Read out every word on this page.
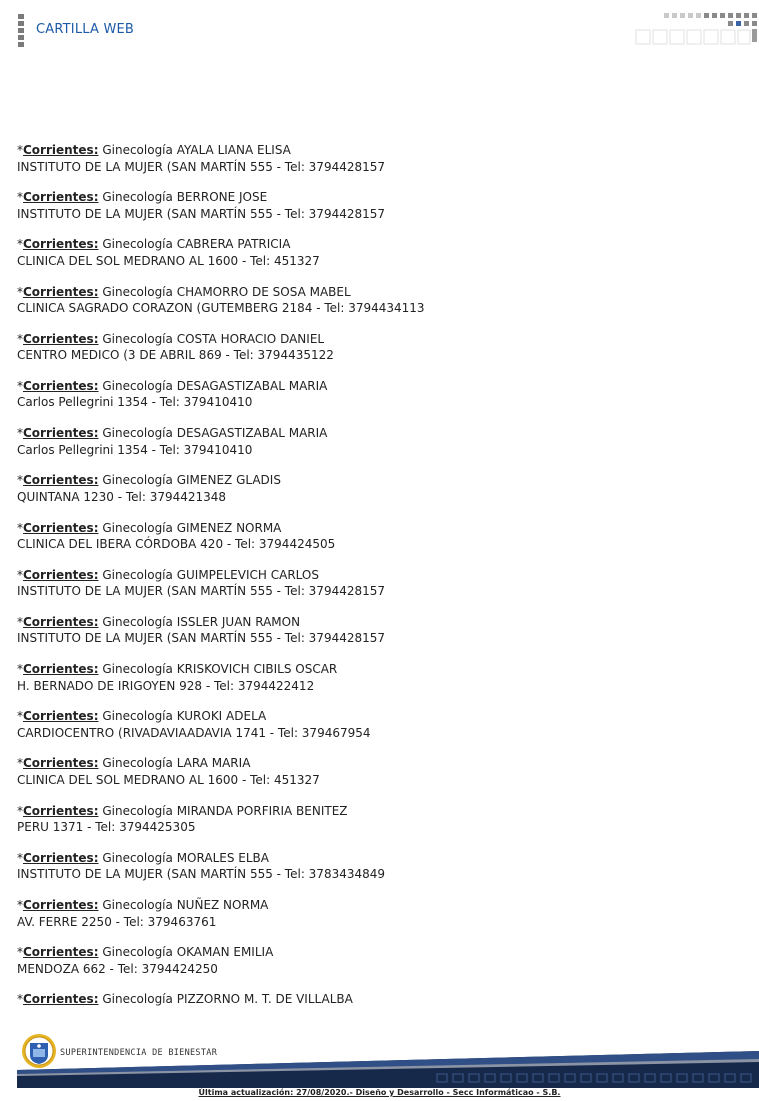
CARTILLA WEB
*Corrientes: Ginecología AYALA LIANA ELISA
INSTITUTO DE LA MUJER (SAN MARTÍN 555 - Tel: 3794428157
*Corrientes: Ginecología BERRONE JOSE
INSTITUTO DE LA MUJER (SAN MARTÍN 555 - Tel: 3794428157
*Corrientes: Ginecología CABRERA PATRICIA
CLINICA DEL SOL MEDRANO AL 1600 - Tel: 451327
*Corrientes: Ginecología CHAMORRO DE SOSA MABEL
CLINICA SAGRADO CORAZON (GUTEMBERG 2184 - Tel: 3794434113
*Corrientes: Ginecología COSTA HORACIO DANIEL
CENTRO MEDICO (3 DE ABRIL 869 - Tel: 3794435122
*Corrientes: Ginecología DESAGASTIZABAL MARIA
Carlos Pellegrini 1354 - Tel: 379410410
*Corrientes: Ginecología DESAGASTIZABAL MARIA
Carlos Pellegrini 1354 - Tel: 379410410
*Corrientes: Ginecología GIMENEZ GLADIS
QUINTANA 1230 - Tel: 3794421348
*Corrientes: Ginecología GIMENEZ NORMA
CLINICA DEL IBERA CÓRDOBA 420 - Tel: 3794424505
*Corrientes: Ginecología GUIMPELEVICH CARLOS
INSTITUTO DE LA MUJER (SAN MARTÍN 555 - Tel: 3794428157
*Corrientes: Ginecología ISSLER JUAN RAMON
INSTITUTO DE LA MUJER (SAN MARTÍN 555 - Tel: 3794428157
*Corrientes: Ginecología KRISKOVICH CIBILS OSCAR
H. BERNADO DE IRIGOYEN 928 - Tel: 3794422412
*Corrientes: Ginecología KUROKI ADELA
CARDIOCENTRO (RIVADAVIAADAVIA 1741 - Tel: 379467954
*Corrientes: Ginecología LARA MARIA
CLINICA DEL SOL MEDRANO AL 1600 - Tel: 451327
*Corrientes: Ginecología MIRANDA PORFIRIA BENITEZ
PERU 1371 - Tel: 3794425305
*Corrientes: Ginecología MORALES ELBA
INSTITUTO DE LA MUJER (SAN MARTÍN 555 - Tel: 3783434849
*Corrientes: Ginecología NUÑEZ NORMA
AV. FERRE 2250 - Tel: 379463761
*Corrientes: Ginecología OKAMAN EMILIA
MENDOZA 662 - Tel: 3794424250
*Corrientes: Ginecología PIZZORNO M. T. DE VILLALBA
SUPERINTENDENCIA DE BIENESTAR
Última actualización: 27/08/2020.- Diseño y Desarrollo - Secc Informáticao - S.B.
